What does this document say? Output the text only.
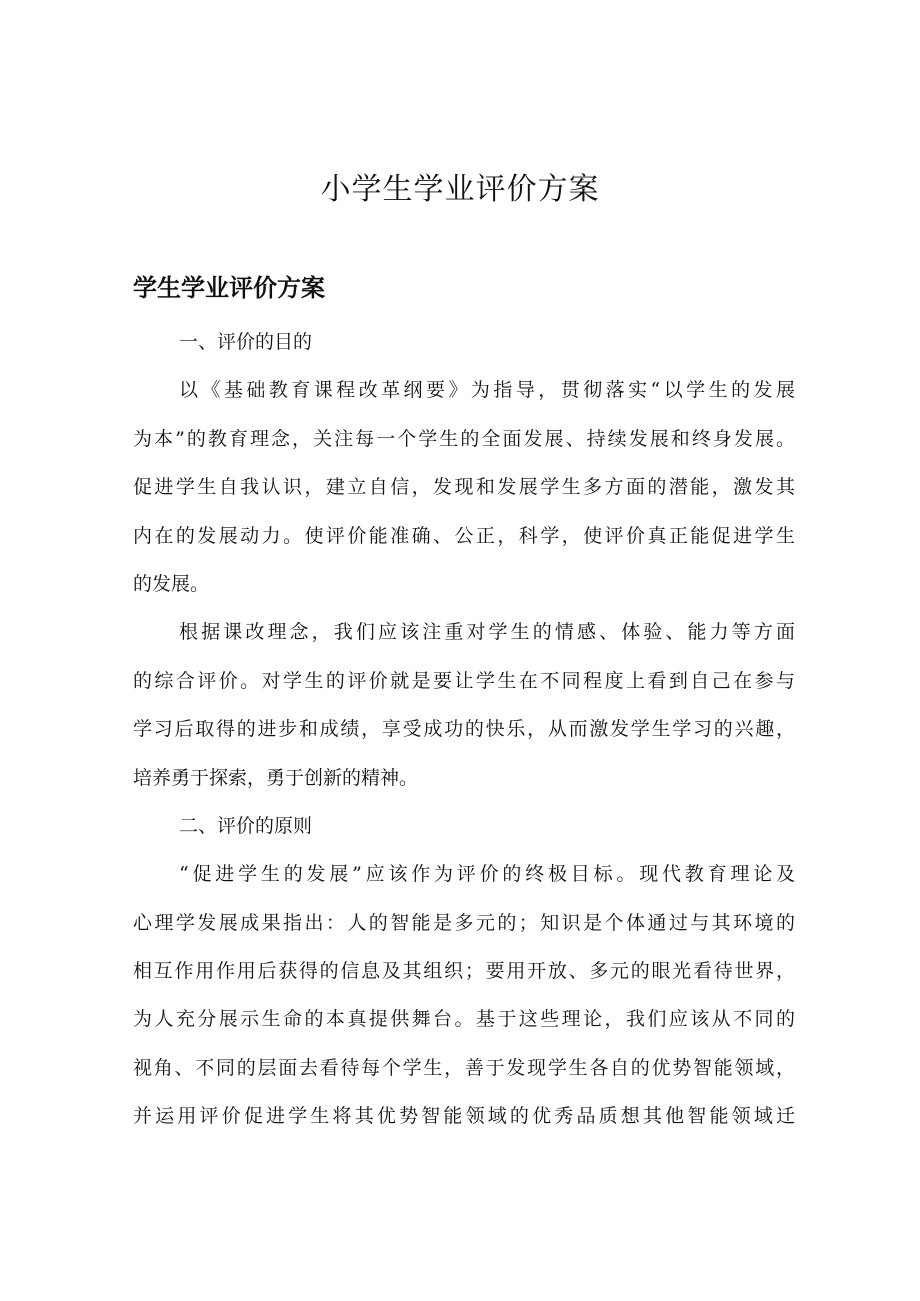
小学生学业评价方案
学生学业评价方案
一、评价的目的
以《基础教育课程改革纲要》为指导，贯彻落实“以学生的发展
为本”的教育理念，关注每一个学生的全面发展、持续发展和终身发展。
促进学生自我认识，建立自信，发现和发展学生多方面的潜能，激发其
内在的发展动力。使评价能准确、公正，科学，使评价真正能促进学生
的发展。
根据课改理念，我们应该注重对学生的情感、体验、能力等方面
的综合评价。对学生的评价就是要让学生在不同程度上看到自己在参与
学习后取得的进步和成绩，享受成功的快乐，从而激发学生学习的兴趣，
培养勇于探索，勇于创新的精神。
二、评价的原则
“促进学生的发展”应该作为评价的终极目标。现代教育理论及
心理学发展成果指出：人的智能是多元的；知识是个体通过与其环境的
相互作用作用后获得的信息及其组织；要用开放、多元的眼光看待世界，
为人充分展示生命的本真提供舞台。基于这些理论，我们应该从不同的
视角、不同的层面去看待每个学生，善于发现学生各自的优势智能领域，
并运用评价促进学生将其优势智能领域的优秀品质想其他智能领域迁
